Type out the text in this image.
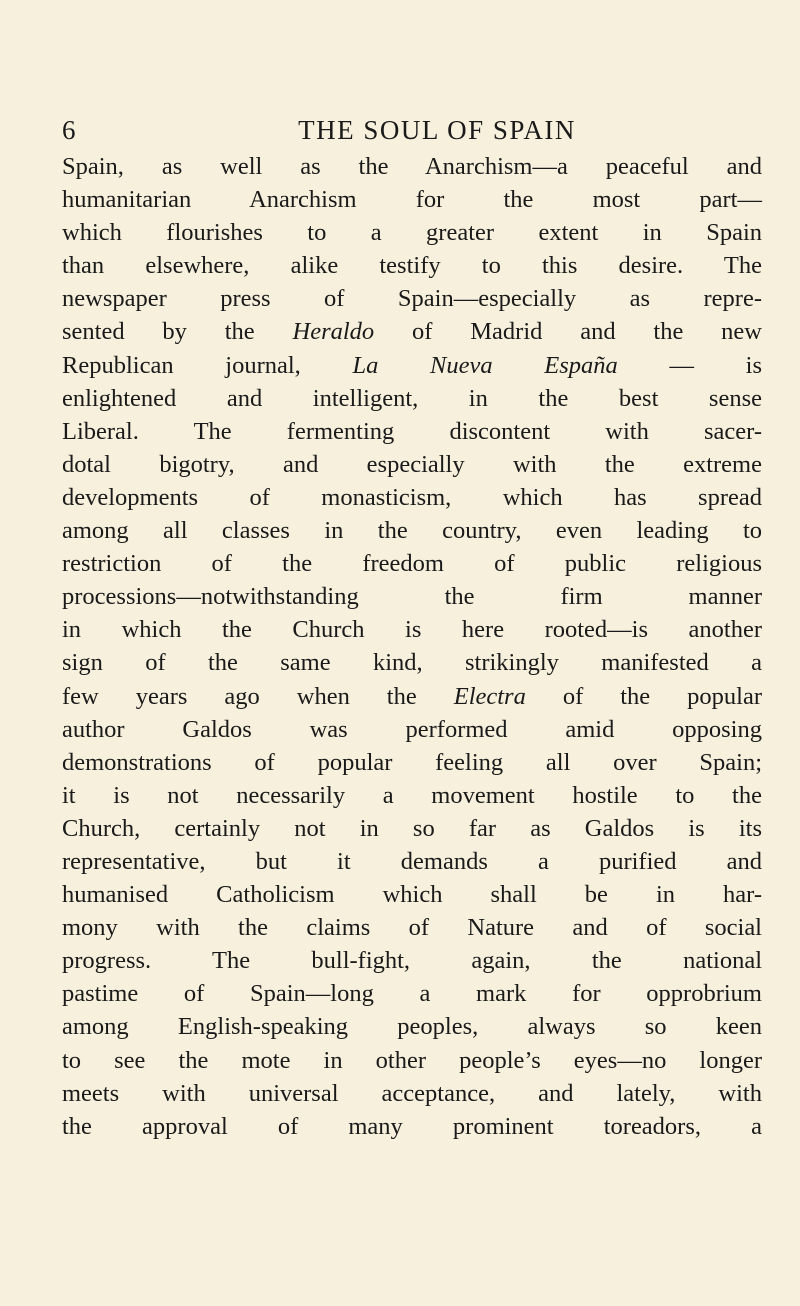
6	THE SOUL OF SPAIN
Spain, as well as the Anarchism—a peaceful and
humanitarian Anarchism for the most part—
which flourishes to a greater extent in Spain
than elsewhere, alike testify to this desire. The
newspaper press of Spain—especially as repre-
sented by the Heraldo of Madrid and the new
Republican journal, La Nueva España — is
enlightened and intelligent, in the best sense
Liberal. The fermenting discontent with sacer-
dotal bigotry, and especially with the extreme
developments of monasticism, which has spread
among all classes in the country, even leading to
restriction of the freedom of public religious
processions—notwithstanding the firm manner
in which the Church is here rooted—is another
sign of the same kind, strikingly manifested a
few years ago when the Electra of the popular
author Galdos was performed amid opposing
demonstrations of popular feeling all over Spain;
it is not necessarily a movement hostile to the
Church, certainly not in so far as Galdos is its
representative, but it demands a purified and
humanised Catholicism which shall be in har-
mony with the claims of Nature and of social
progress. The bull-fight, again, the national
pastime of Spain—long a mark for opprobrium
among English-speaking peoples, always so keen
to see the mote in other people’s eyes—no longer
meets with universal acceptance, and lately, with
the approval of many prominent toreadors, a
